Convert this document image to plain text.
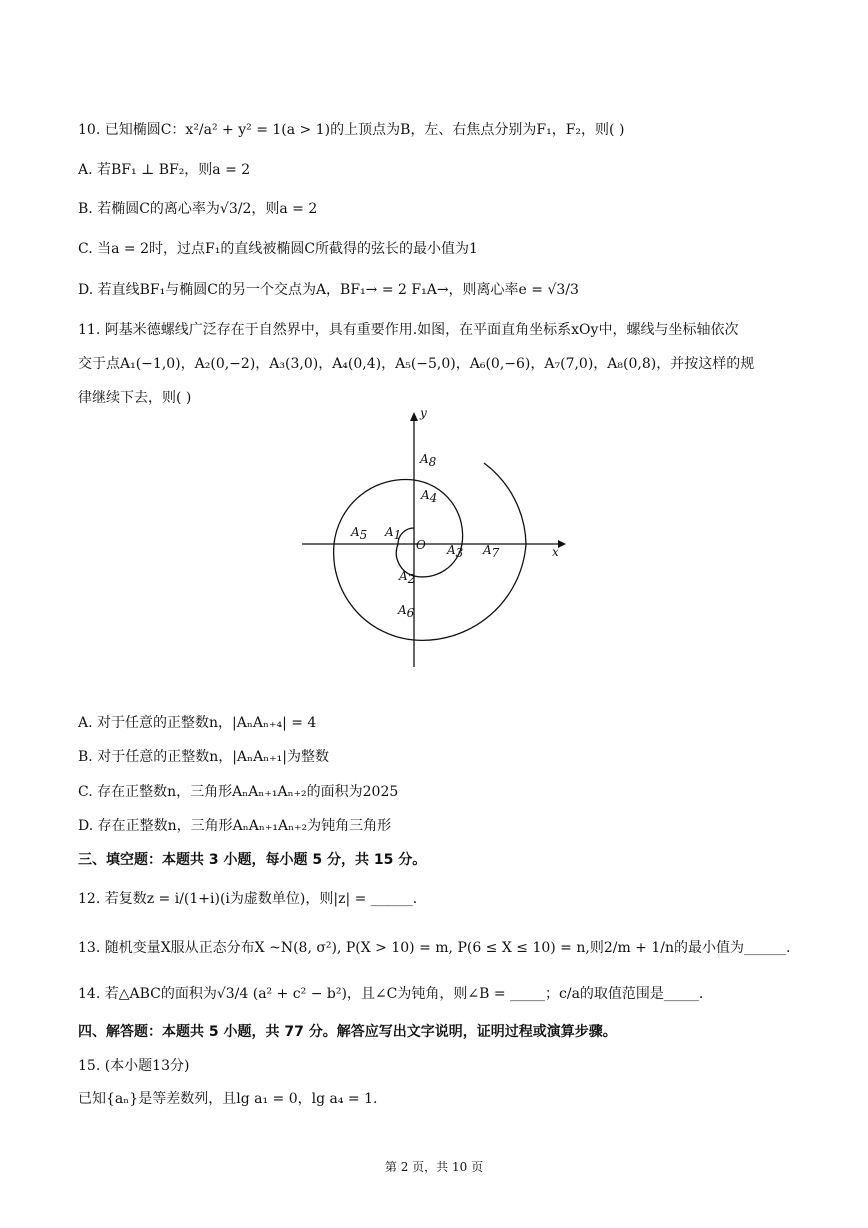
10. 已知椭圆C：x²/a² + y² = 1(a > 1)的上顶点为B，左、右焦点分别为F₁，F₂，则( )
A. 若BF₁ ⊥ BF₂，则a = 2
B. 若椭圆C的离心率为√3/2，则a = 2
C. 当a = 2时，过点F₁的直线被椭圆C所截得的弦长的最小值为1
D. 若直线BF₁与椭圆C的另一个交点为A，BF₁→ = 2 F₁A→，则离心率e = √3/3
11. 阿基米德螺线广泛存在于自然界中，具有重要作用.如图，在平面直角坐标系xOy中，螺线与坐标轴依次
交于点A₁(−1,0)，A₂(0,−2)，A₃(3,0)，A₄(0,4)，A₅(−5,0)，A₆(0,−6)，A₇(7,0)，A₈(0,8)，并按这样的规
律继续下去，则( )
y
x
O
A1
A2
A3
A4
A5
A6
A7
A8
A. 对于任意的正整数n，|AₙAₙ₊₄| = 4
B. 对于任意的正整数n，|AₙAₙ₊₁|为整数
C. 存在正整数n，三角形AₙAₙ₊₁Aₙ₊₂的面积为2025
D. 存在正整数n，三角形AₙAₙ₊₁Aₙ₊₂为钝角三角形
三、填空题：本题共 3 小题，每小题 5 分，共 15 分。
12. 若复数z = i/(1+i)(i为虚数单位)，则|z| = ______.
13. 随机变量X服从正态分布X ~N(8, σ²), P(X > 10) = m, P(6 ≤ X ≤ 10) = n,则2/m + 1/n的最小值为______.
14. 若△ABC的面积为√3/4 (a² + c² − b²)，且∠C为钝角，则∠B = _____；c/a的取值范围是_____.
四、解答题：本题共 5 小题，共 77 分。解答应写出文字说明，证明过程或演算步骤。
15. (本小题13分)
已知{aₙ}是等差数列，且lg a₁ = 0，lg a₄ = 1.
第 2 页，共 10 页
